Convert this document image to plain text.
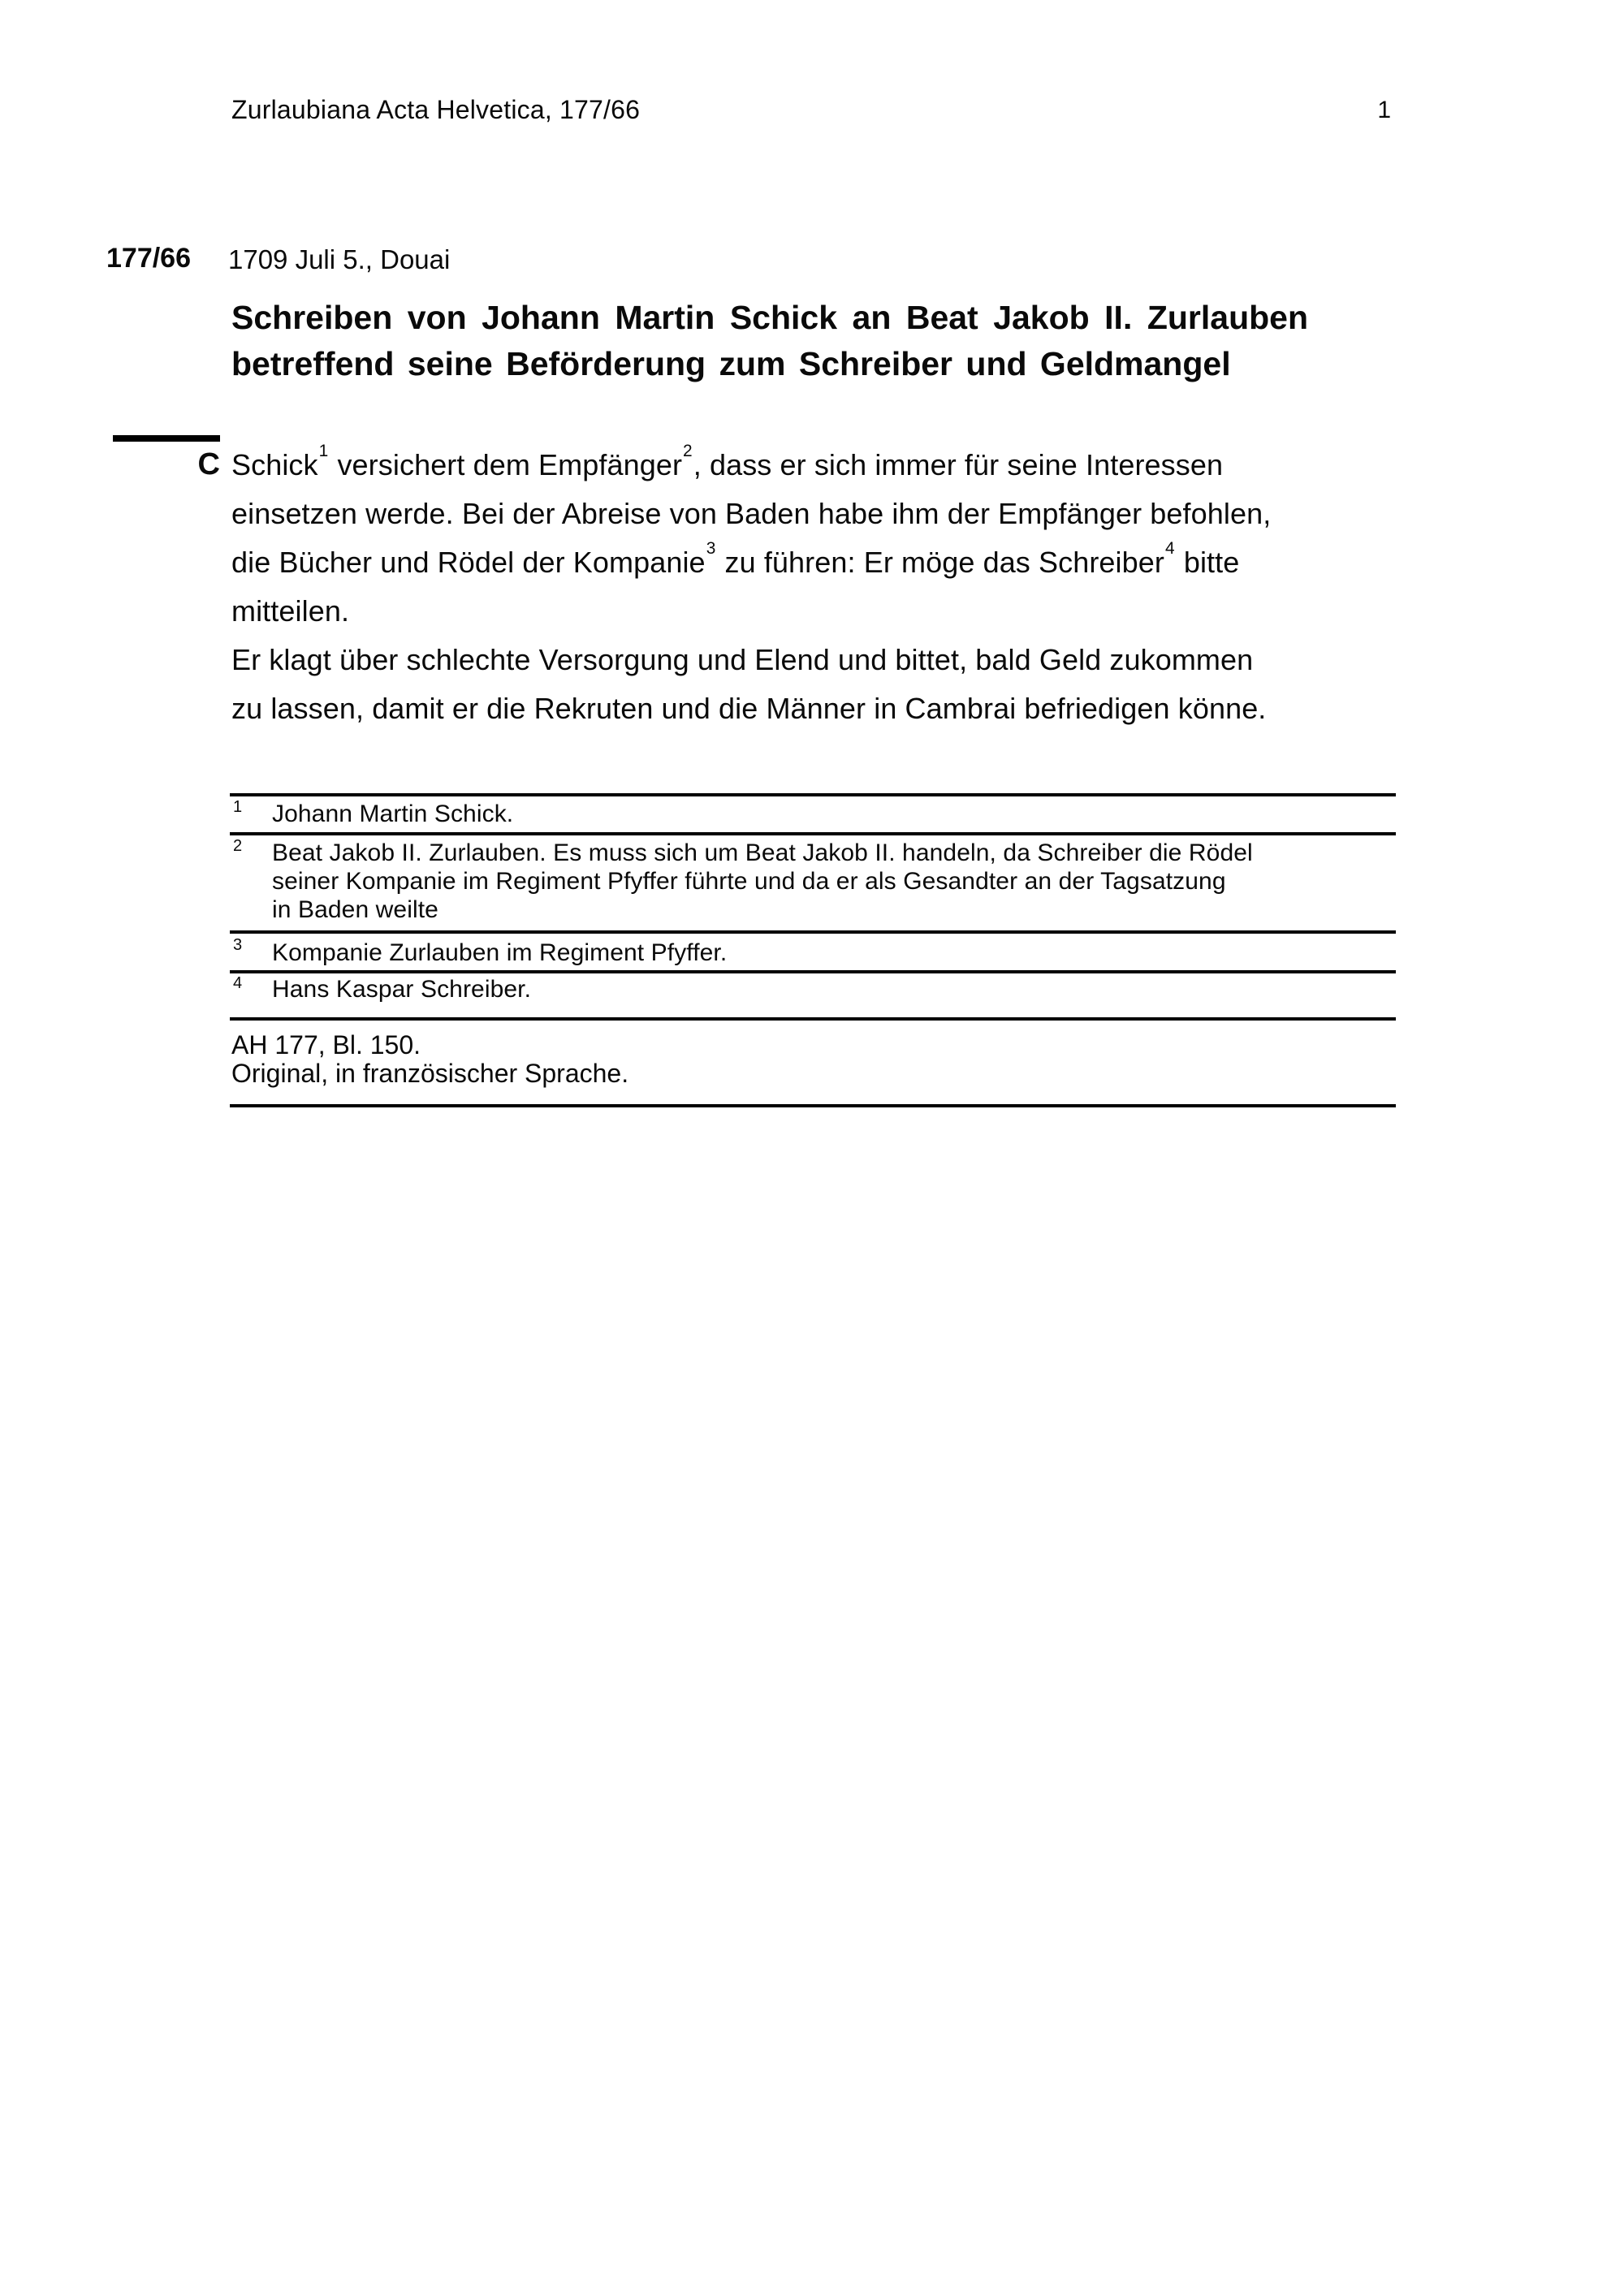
Zurlaubiana Acta Helvetica, 177/66	1
177/66 1709 Juli 5., Douai
Schreiben von Johann Martin Schick an Beat Jakob II. Zurlauben
betreffend seine Beförderung zum Schreiber und Geldmangel
C Schick$^1$ versichert dem Empfänger$^2$, dass er sich immer für seine Interessen
einsetzen werde. Bei der Abreise von Baden habe ihm der Empfänger befohlen,
die Bücher und Rödel der Kompanie$^3$ zu führen: Er möge das Schreiber$^4$ bitte
mitteilen.
Er klagt über schlechte Versorgung und Elend und bittet, bald Geld zukommen
zu lassen, damit er die Rekruten und die Männer in Cambrai befriedigen könne.
1 Johann Martin Schick.
2 Beat Jakob II. Zurlauben. Es muss sich um Beat Jakob II. handeln, da Schreiber die Rödel
seiner Kompanie im Regiment Pfyffer führte und da er als Gesandter an der Tagsatzung
in Baden weilte
3 Kompanie Zurlauben im Regiment Pfyffer.
4 Hans Kaspar Schreiber.
AH 177, Bl. 150.
Original, in französischer Sprache.
